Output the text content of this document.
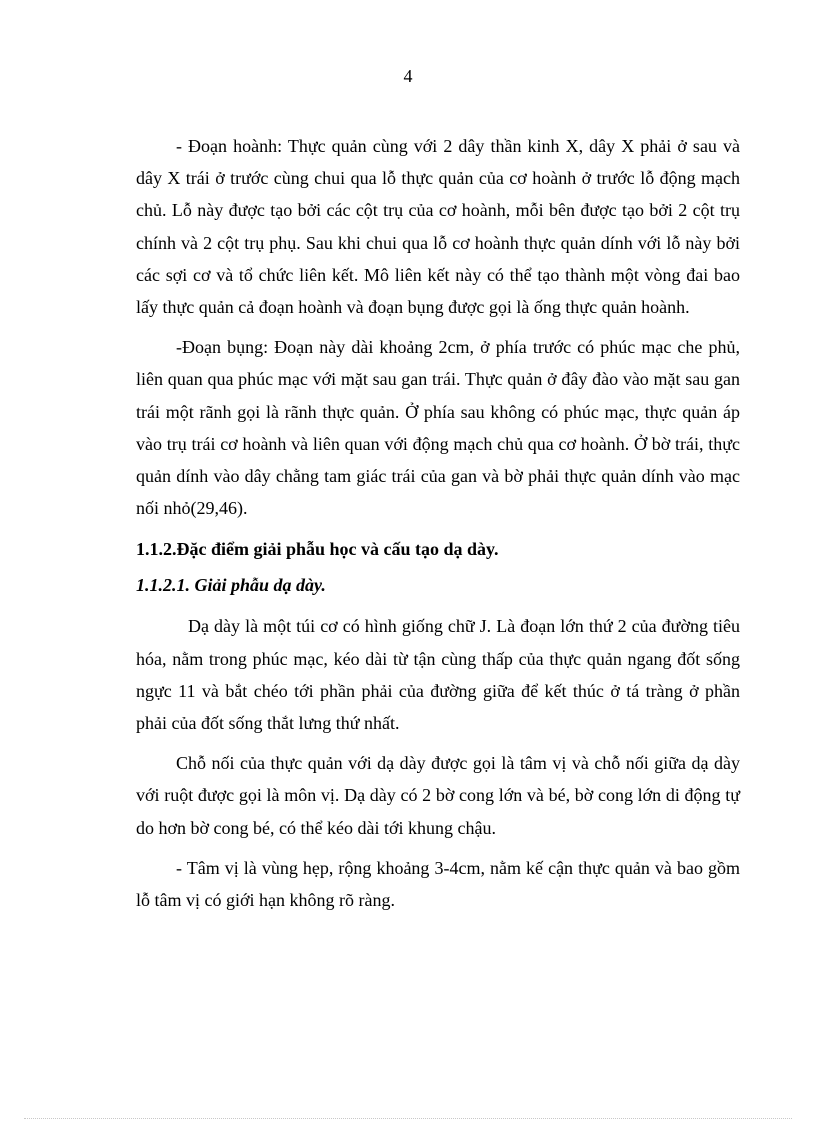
4

- Đoạn hoành: Thực quản cùng với 2 dây thần kinh X, dây X phải ở sau và dây X trái ở trước cùng chui qua lỗ thực quản của cơ hoành ở trước lỗ động mạch chủ. Lỗ này được tạo bởi các cột trụ của cơ hoành, mỗi bên được tạo bởi 2 cột trụ chính và 2 cột trụ phụ. Sau khi chui qua lỗ cơ hoành thực quản dính với lỗ này bởi các sợi cơ và tổ chức liên kết. Mô liên kết này có thể tạo thành một vòng đai bao lấy thực quản cả đoạn hoành và đoạn bụng được gọi là ống thực quản hoành.

-Đoạn bụng: Đoạn này dài khoảng 2cm, ở phía trước có phúc mạc che phủ, liên quan qua phúc mạc với mặt sau gan trái. Thực quản ở đây đào vào mặt sau gan trái một rãnh gọi là rãnh thực quản. Ở phía sau không có phúc mạc, thực quản áp vào trụ trái cơ hoành và liên quan với động mạch chủ qua cơ hoành. Ở bờ trái, thực quản dính vào dây chằng tam giác trái của gan và bờ phải thực quản dính vào mạc nối nhỏ(29,46).

1.1.2.Đặc điểm giải phẫu học và cấu tạo dạ dày.

1.1.2.1. Giải phẫu dạ dày.

Dạ dày là một túi cơ có hình giống chữ J. Là đoạn lớn thứ 2 của đường tiêu hóa, nằm trong phúc mạc, kéo dài từ tận cùng thấp của thực quản ngang đốt sống ngực 11 và bắt chéo tới phần phải của đường giữa để kết thúc ở tá tràng ở phần phải của đốt sống thắt lưng thứ nhất.

Chỗ nối của thực quản với dạ dày được gọi là tâm vị và chỗ nối giữa dạ dày với ruột được gọi là môn vị. Dạ dày có 2 bờ cong lớn và bé, bờ cong lớn di động tự do hơn bờ cong bé, có thể kéo dài tới khung chậu.

- Tâm vị là vùng hẹp, rộng khoảng 3-4cm, nằm kế cận thực quản và bao gồm lỗ tâm vị có giới hạn không rõ ràng.
